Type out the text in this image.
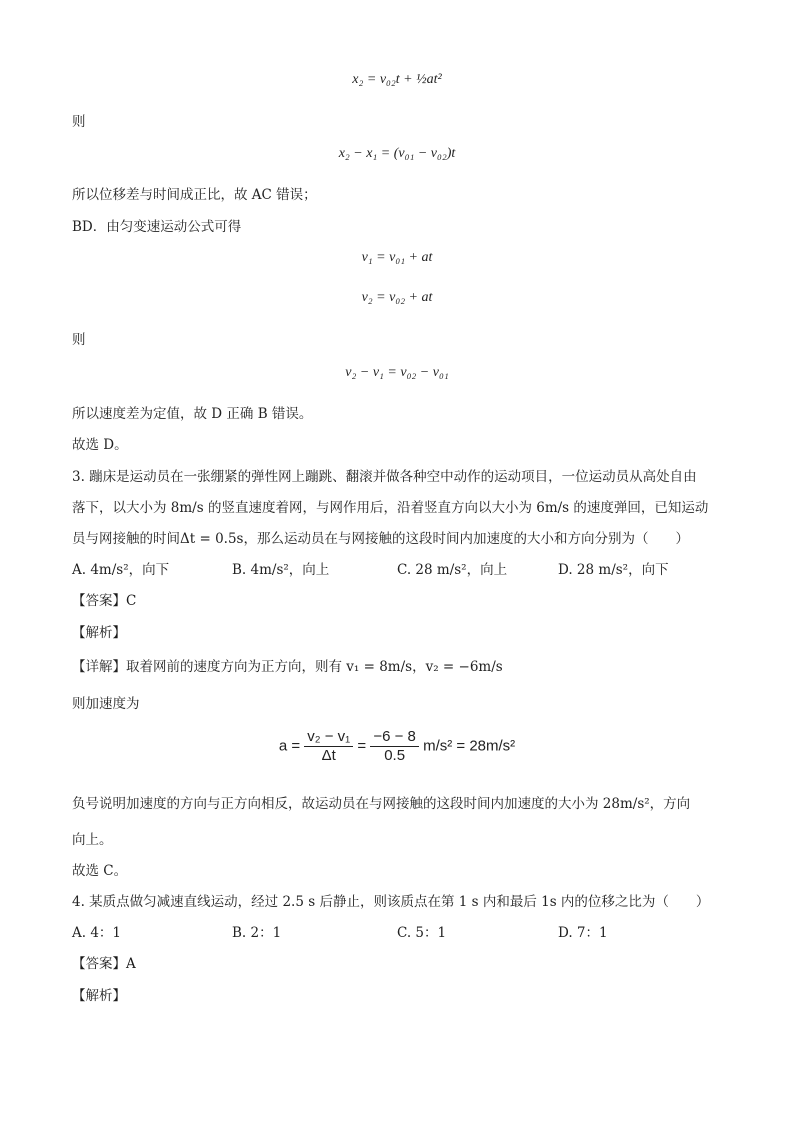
x₂ = v₀₂t + ½at²
则
x₂ − x₁ = (v₀₁ − v₀₂)t
所以位移差与时间成正比，故 AC 错误；
BD．由匀变速运动公式可得
v₁ = v₀₁ + at
v₂ = v₀₂ + at
则
v₂ − v₁ = v₀₂ − v₀₁
所以速度差为定值，故 D 正确 B 错误。
故选 D。
3. 蹦床是运动员在一张绷紧的弹性网上蹦跳、翻滚并做各种空中动作的运动项目，一位运动员从高处自由
落下，以大小为 8m/s 的竖直速度着网，与网作用后，沿着竖直方向以大小为 6m/s 的速度弹回，已知运动
员与网接触的时间Δt = 0.5s，那么运动员在与网接触的这段时间内加速度的大小和方向分别为（　　）
A. 4m/s²，向下	B. 4m/s²，向上	C. 28 m/s²，向上	D. 28 m/s²，向下
【答案】C
【解析】
【详解】取着网前的速度方向为正方向，则有 v₁ = 8m/s，v₂ = −6m/s
则加速度为
$a = \frac{\text{v₂ − v₁}}{\Delta t} = \frac{-6 - 8}{0.5} m/s^2 = 28m/s^2$
负号说明加速度的方向与正方向相反，故运动员在与网接触的这段时间内加速度的大小为 28m/s²，方向
向上。
故选 C。
4. 某质点做匀减速直线运动，经过 2.5 s 后静止，则该质点在第 1 s 内和最后 1s 内的位移之比为（　　）
A. 4：1	B. 2：1	C. 5：1	D. 7：1
【答案】A
【解析】
